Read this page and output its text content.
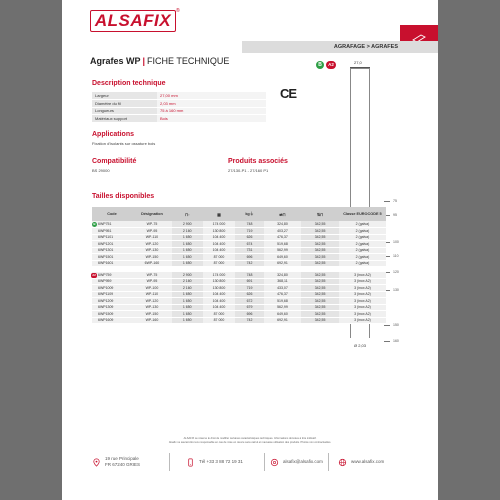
ALSAFIX ®
AGRAFAGE > AGRAFES
Agrafes WP | FICHE TECHNIQUE	B	A2
Description technique
Largeur	27,00 mm
Diamètre du fil	2,03 mm
Longueurs	75 à 160 mm
Matériaux support	Bois
CE
Applications
Fixation d'isolants sur ossature bois
Compatibilité
BS 29000
Produits associés
27/130-P1 - 27/160 P1
27,0
75
95
100
110
120
130
150
160
Ø 2,03
Tailles disponibles
Code	Désignation	⊓▫	▦	kg⏚	⇄⊓	⇅⊓	Classe EUROCODE 5

B 6WP751	WP-75	2 900	174 000	748	324,80	342,55	2 (galva)
6WP951	WP-95	2 160	130 800	719	403,27	342,55	2 (galva)
6WP1101	WP-110	1 650	104 400	626	476,37	342,55	2 (galva)
6WP1201	WP-120	1 650	104 400	674	519,68	342,55	2 (galva)
6WP1301	WP-130	1 650	104 400	731	562,99	342,55	2 (galva)
6WP1501	WP-150	1 650	87 000	696	649,60	342,55	2 (galva)
6WP1601	6WP-160	1 650	87 000	742	692,91	342,55	2 (galva)

A2 6WP759	WP-75	2 900	174 000	748	324,80	342,55	3 (inox A2)
6WP959	WP-95	2 160	130 800	691	368,11	342,55	3 (inox A2)
6WP1009	WP-100	2 160	130 800	719	433,07	342,55	3 (inox A2)
6WP1109	WP-110	1 650	104 400	626	476,37	342,55	3 (inox A2)
6WP1209	WP-120	1 650	104 400	672	519,68	342,55	3 (inox A2)
6WP1309	WP-130	1 650	104 400	679	562,99	342,55	3 (inox A2)
6WP1509	WP-150	1 650	87 000	696	649,60	342,55	3 (inox A2)
6WP1609	WP-160	1 650	87 000	742	692,91	342,55	3 (inox A2)
ALSAFIX se réserve le droit de modifier certaines caractéristiques techniques. Informations données à titre indicatif.
Alsafix ne saurait être tenu responsable en cas de mise en œuvre sans calcul et mauvaise utilisation des produits. Photos non contractuelles.
19 rue Principale
FR 67240 GRIES
Tél +33 3 88 72 19 31	alsafix@alsafix.com	www.alsafix.com
